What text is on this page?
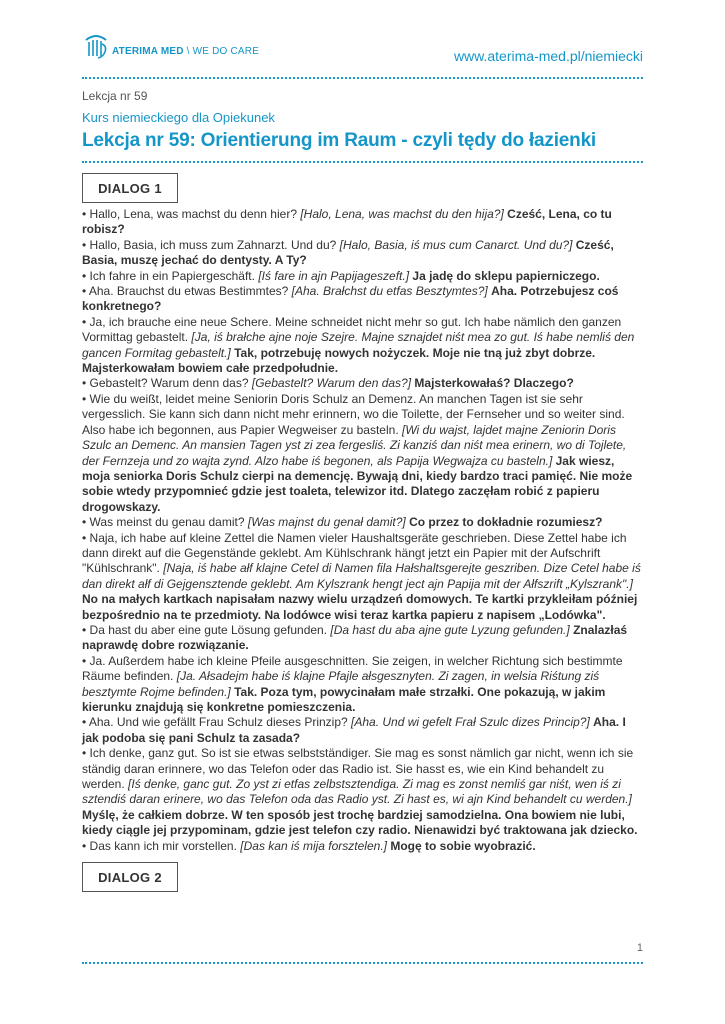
ATERIMA MED \ WE DO CARE	www.aterima-med.pl/niemiecki
Lekcja nr 59
Kurs niemieckiego dla Opiekunek
Lekcja nr 59: Orientierung im Raum - czyli tędy do łazienki
DIALOG 1

• Hallo, Lena, was machst du denn hier? [Halo, Lena, was machst du den hija?] Cześć, Lena, co tu robisz?

• Hallo, Basia, ich muss zum Zahnarzt. Und du? [Halo, Basia, iś mus cum Canarct. Und du?] Cześć, Basia, muszę jechać do dentysty. A Ty?

• Ich fahre in ein Papiergeschäft. [Iś fare in ajn Papijageszeft.] Ja jadę do sklepu papierniczego.

• Aha. Brauchst du etwas Bestimmtes? [Aha. Brałchst du etfas Besztymtes?] Aha. Potrzebujesz coś konkretnego?

• Ja, ich brauche eine neue Schere. Meine schneidet nicht mehr so gut. Ich habe nämlich den ganzen Vormittag gebastelt. [Ja, iś brałche ajne noje Szejre. Majne sznajdet niśt mea zo gut. Iś habe nemliś den gancen Formitag gebastelt.] Tak, potrzebuję nowych nożyczek. Moje nie tną już zbyt dobrze. Majsterkowałam bowiem całe przedpołudnie.

• Gebastelt? Warum denn das? [Gebastelt? Warum den das?] Majsterkowałaś? Dlaczego?

• Wie du weißt, leidet meine Seniorin Doris Schulz an Demenz. An manchen Tagen ist sie sehr vergesslich. Sie kann sich dann nicht mehr erinnern, wo die Toilette, der Fernseher und so weiter sind. Also habe ich begonnen, aus Papier Wegweiser zu basteln. [Wi du wajst, lajdet majne Zeniorin Doris Szulc an Demenc. An mansien Tagen yst zi zea fergesliś. Zi kanziś dan niśt mea erinern, wo di Tojlete, der Fernzeja und zo wajta zynd. Alzo habe iś begonen, als Papija Wegwajza cu basteln.] Jak wiesz, moja seniorka Doris Schulz cierpi na demencję. Bywają dni, kiedy bardzo traci pamięć. Nie może sobie wtedy przypomnieć gdzie jest toaleta, telewizor itd. Dlatego zaczęłam robić z papieru drogowskazy.

• Was meinst du genau damit? [Was majnst du genał damit?] Co przez to dokładnie rozumiesz?

• Naja, ich habe auf kleine Zettel die Namen vieler Haushaltsgeräte geschrieben. Diese Zettel habe ich dann direkt auf die Gegenstände geklebt. Am Kühlschrank hängt jetzt ein Papier mit der Aufschrift "Kühlschrank". [Naja, iś habe ałf klajne Cetel di Namen fila Hałshaltsgerejte geszriben. Dize Cetel habe iś dan direkt ałf di Gejgensztende geklebt. Am Kylszrank hengt ject ajn Papija mit der Ałfszrift „Kylszrank".] No na małych kartkach napisałam nazwy wielu urządzeń domowych. Te kartki przykleiłam później bezpośrednio na te przedmioty. Na lodówce wisi teraz kartka papieru z napisem „Lodówka".

• Da hast du aber eine gute Lösung gefunden. [Da hast du aba ajne gute Lyzung gefunden.] Znalazłaś naprawdę dobre rozwiązanie.

• Ja. Außerdem habe ich kleine Pfeile ausgeschnitten. Sie zeigen, in welcher Richtung sich bestimmte Räume befinden. [Ja. Ałsadejm habe iś klajne Pfajle ałsgesznyten. Zi zagen, in welsia Riśtung ziś besztymte Rojme befinden.] Tak. Poza tym, powycinałam małe strzałki. One pokazują, w jakim kierunku znajdują się konkretne pomieszczenia.

• Aha. Und wie gefällt Frau Schulz dieses Prinzip? [Aha. Und wi gefelt Frał Szulc dizes Princip?] Aha. I jak podoba się pani Schulz ta zasada?

• Ich denke, ganz gut. So ist sie etwas selbstständiger. Sie mag es sonst nämlich gar nicht, wenn ich sie ständig daran erinnere, wo das Telefon oder das Radio ist. Sie hasst es, wie ein Kind behandelt zu werden. [Iś denke, ganc gut. Zo yst zi etfas zelbstsztendiga. Zi mag es zonst nemliś gar niśt, wen iś zi sztendiś daran erinere, wo das Telefon oda das Radio yst. Zi hast es, wi ajn Kind behandelt cu werden.] Myślę, że całkiem dobrze. W ten sposób jest trochę bardziej samodzielna. Ona bowiem nie lubi, kiedy ciągle jej przypominam, gdzie jest telefon czy radio. Nienawidzi być traktowana jak dziecko.

• Das kann ich mir vorstellen. [Das kan iś mija forsztelen.] Mogę to sobie wyobrazić.

DIALOG 2
1
